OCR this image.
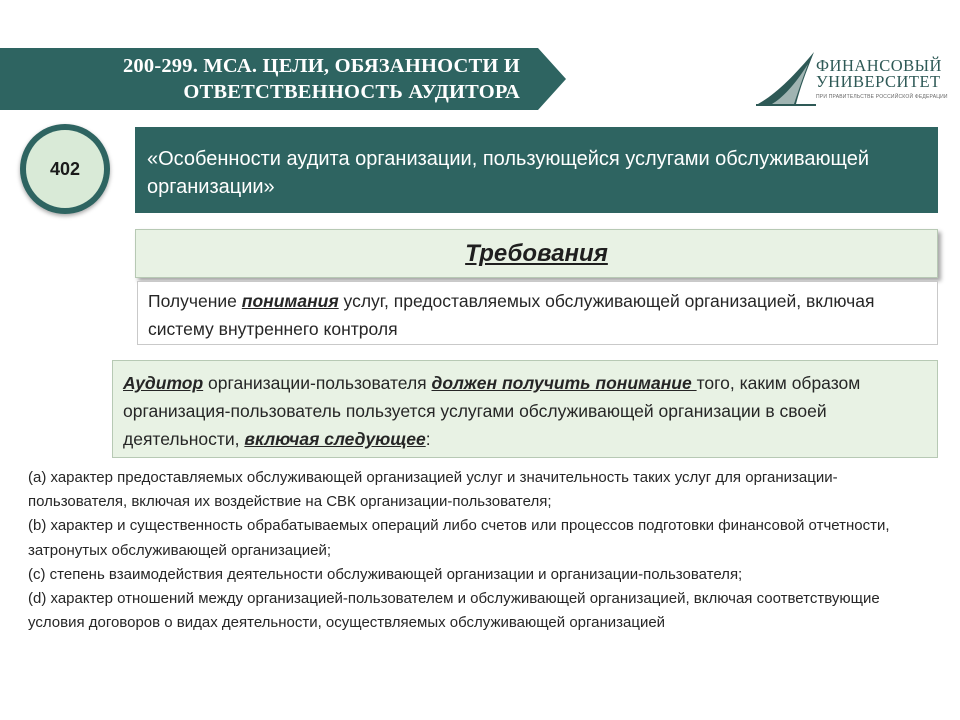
200-299. МСА. ЦЕЛИ, ОБЯЗАННОСТИ И
ОТВЕТСТВЕННОСТЬ АУДИТОРА
ФИНАНСОВЫЙ
УНИВЕРСИТЕТ
ПРИ ПРАВИТЕЛЬСТВЕ РОССИЙСКОЙ ФЕДЕРАЦИИ
402	«Особенности аудита организации, пользующейся услугами обслуживающей организации»
Требования
Получение понимания услуг, предоставляемых обслуживающей организацией, включая систему внутреннего контроля
Аудитор организации-пользователя должен получить понимание того, каким образом организация-пользователь пользуется услугами обслуживающей организации в своей деятельности, включая следующее:

(a) характер предоставляемых обслуживающей организацией услуг и значительность таких услуг для организации-пользователя, включая их воздействие на СВК организации-пользователя;

(b) характер и существенность обрабатываемых операций либо счетов или процессов подготовки финансовой отчетности, затронутых обслуживающей организацией;

(c) степень взаимодействия деятельности обслуживающей организации и организации-пользователя;

(d) характер отношений между организацией-пользователем и обслуживающей организацией, включая соответствующие условия договоров о видах деятельности, осуществляемых обслуживающей организацией
